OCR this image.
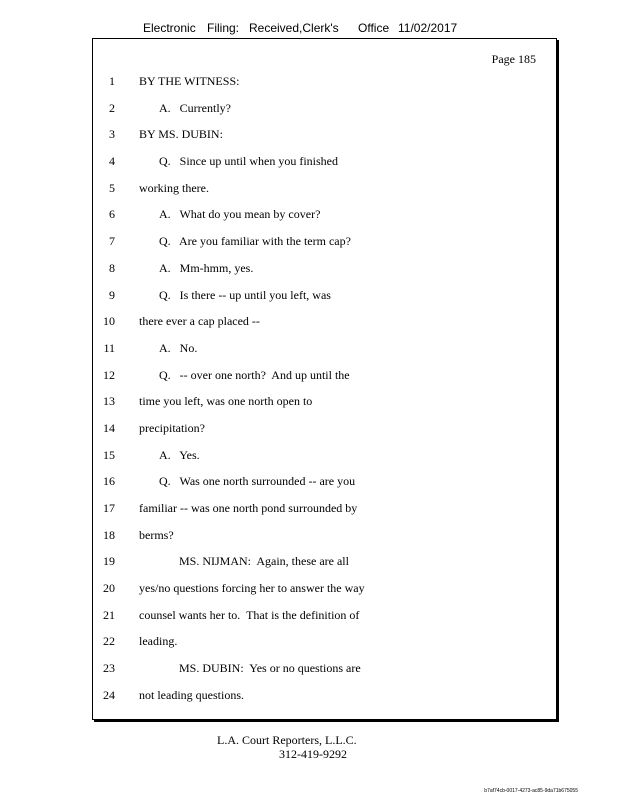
Electronic Filing: Received,Clerk's Office 11/02/2017
Page 185
1 BY THE WITNESS:
2	A.   Currently?
3 BY MS. DUBIN:
4	Q.   Since up until when you finished
5 working there.
6	A.   What do you mean by cover?
7	Q.   Are you familiar with the term cap?
8	A.   Mm-hmm, yes.
9	Q.   Is there -- up until you left, was
10 there ever a cap placed --
11	A.   No.
12	Q.   -- over one north?  And up until the
13 time you left, was one north open to
14 precipitation?
15	A.   Yes.
16	Q.   Was one north surrounded -- are you
17 familiar -- was one north pond surrounded by
18 berms?
19	MS. NIJMAN:  Again, these are all
20 yes/no questions forcing her to answer the way
21 counsel wants her to.  That is the definition of
22 leading.
23	MS. DUBIN:  Yes or no questions are
24 not leading questions.
L.A. Court Reporters, L.L.C.
312-419-9292
b7af74cb-0017-4273-ac85-9da71b675055
